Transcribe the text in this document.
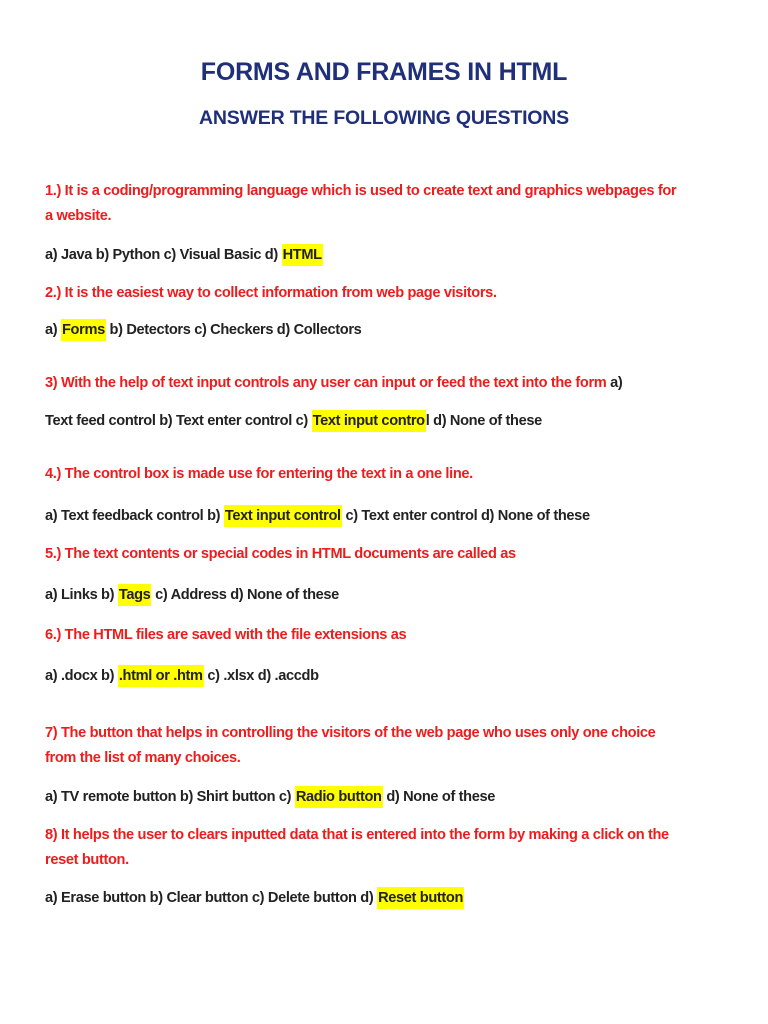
FORMS AND FRAMES IN HTML
ANSWER THE FOLLOWING QUESTIONS
1.) It is a coding/programming language which is used to create text and graphics webpages for
a website.
a) Java b) Python c) Visual Basic d) HTML
2.) It is the easiest way to collect information from web page visitors.
a) Forms b) Detectors c) Checkers d) Collectors
3) With the help of text input controls any user can input or feed the text into the form a)
Text feed control b) Text enter control c) Text input control d) None of these
4.) The control box is made use for entering the text in a one line.
a) Text feedback control b) Text input control c) Text enter control d) None of these
5.) The text contents or special codes in HTML documents are called as
a) Links b) Tags c) Address d) None of these
6.) The HTML files are saved with the file extensions as
a) .docx b) .html or .htm c) .xlsx d) .accdb
7) The button that helps in controlling the visitors of the web page who uses only one choice
from the list of many choices.
a) TV remote button b) Shirt button c) Radio button d) None of these
8) It helps the user to clears inputted data that is entered into the form by making a click on the
reset button.
a) Erase button b) Clear button c) Delete button d) Reset button
